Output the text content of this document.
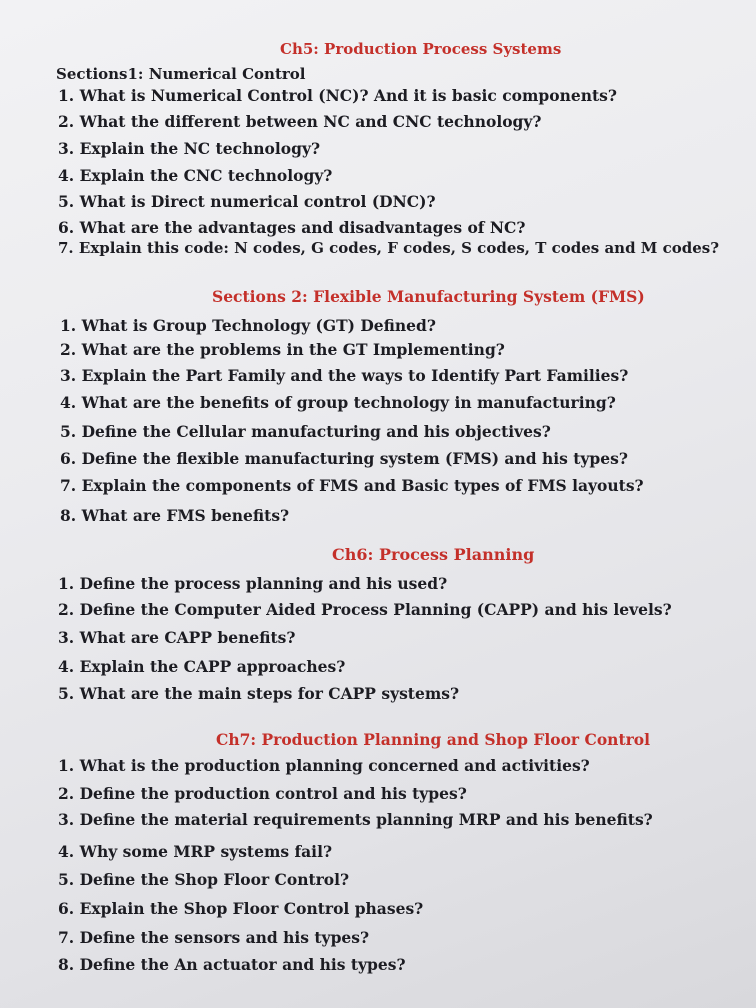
Ch5: Production Process Systems
Sections1: Numerical Control
1. What is Numerical Control (NC)? And it is basic components?
2. What the different between NC and CNC technology?
3. Explain the NC technology?
4. Explain the CNC technology?
5. What is Direct numerical control (DNC)?
6. What are the advantages and disadvantages of NC?
7. Explain this code: N codes, G codes, F codes, S codes, T codes and M codes?
Sections 2: Flexible Manufacturing System (FMS)
1. What is Group Technology (GT) Defined?
2. What are the problems in the GT Implementing?
3. Explain the Part Family and the ways to Identify Part Families?
4. What are the benefits of group technology in manufacturing?
5. Define the Cellular manufacturing and his objectives?
6. Define the flexible manufacturing system (FMS) and his types?
7. Explain the components of FMS and Basic types of FMS layouts?
8. What are FMS benefits?
Ch6: Process Planning
1. Define the process planning and his used?
2. Define the Computer Aided Process Planning (CAPP) and his levels?
3. What are CAPP benefits?
4. Explain the CAPP approaches?
5. What are the main steps for CAPP systems?
Ch7: Production Planning and Shop Floor Control
1. What is the production planning concerned and activities?
2. Define the production control and his types?
3. Define the material requirements planning MRP and his benefits?
4. Why some MRP systems fail?
5. Define the Shop Floor Control?
6. Explain the Shop Floor Control phases?
7. Define the sensors and his types?
8. Define the An actuator and his types?
